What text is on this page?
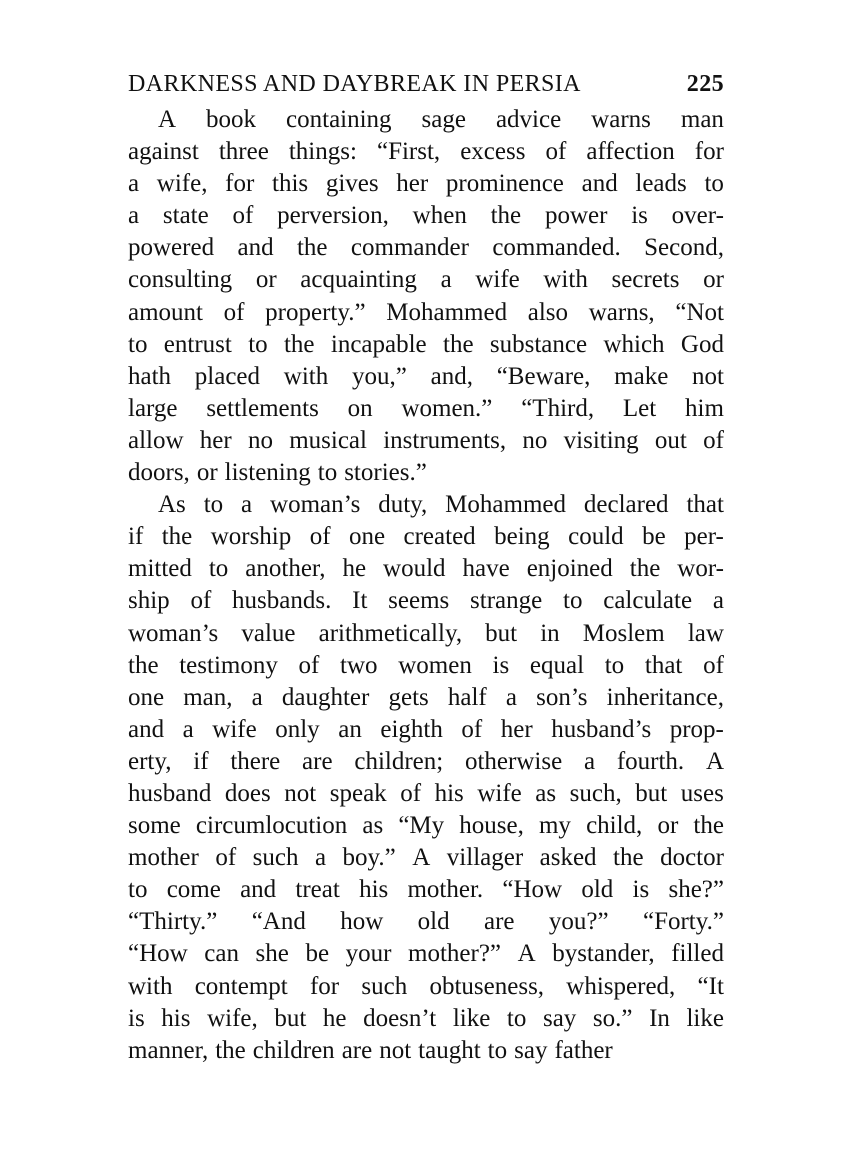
DARKNESS AND DAYBREAK IN PERSIA	225
A book containing sage advice warns man
against three things: “First, excess of affection for
a wife, for this gives her prominence and leads to
a state of perversion, when the power is over-
powered and the commander commanded. Second,
consulting or acquainting a wife with secrets or
amount of property.” Mohammed also warns, “Not
to entrust to the incapable the substance which God
hath placed with you,” and, “Beware, make not
large settlements on women.” “Third, Let him
allow her no musical instruments, no visiting out of
doors, or listening to stories.”
As to a woman’s duty, Mohammed declared that
if the worship of one created being could be per-
mitted to another, he would have enjoined the wor-
ship of husbands. It seems strange to calculate a
woman’s value arithmetically, but in Moslem law
the testimony of two women is equal to that of
one man, a daughter gets half a son’s inheritance,
and a wife only an eighth of her husband’s prop-
erty, if there are children; otherwise a fourth. A
husband does not speak of his wife as such, but uses
some circumlocution as “My house, my child, or the
mother of such a boy.” A villager asked the doctor
to come and treat his mother. “How old is she?”
“Thirty.” “And how old are you?” “Forty.”
“How can she be your mother?” A bystander, filled
with contempt for such obtuseness, whispered, “It
is his wife, but he doesn’t like to say so.” In like
manner, the children are not taught to say father
